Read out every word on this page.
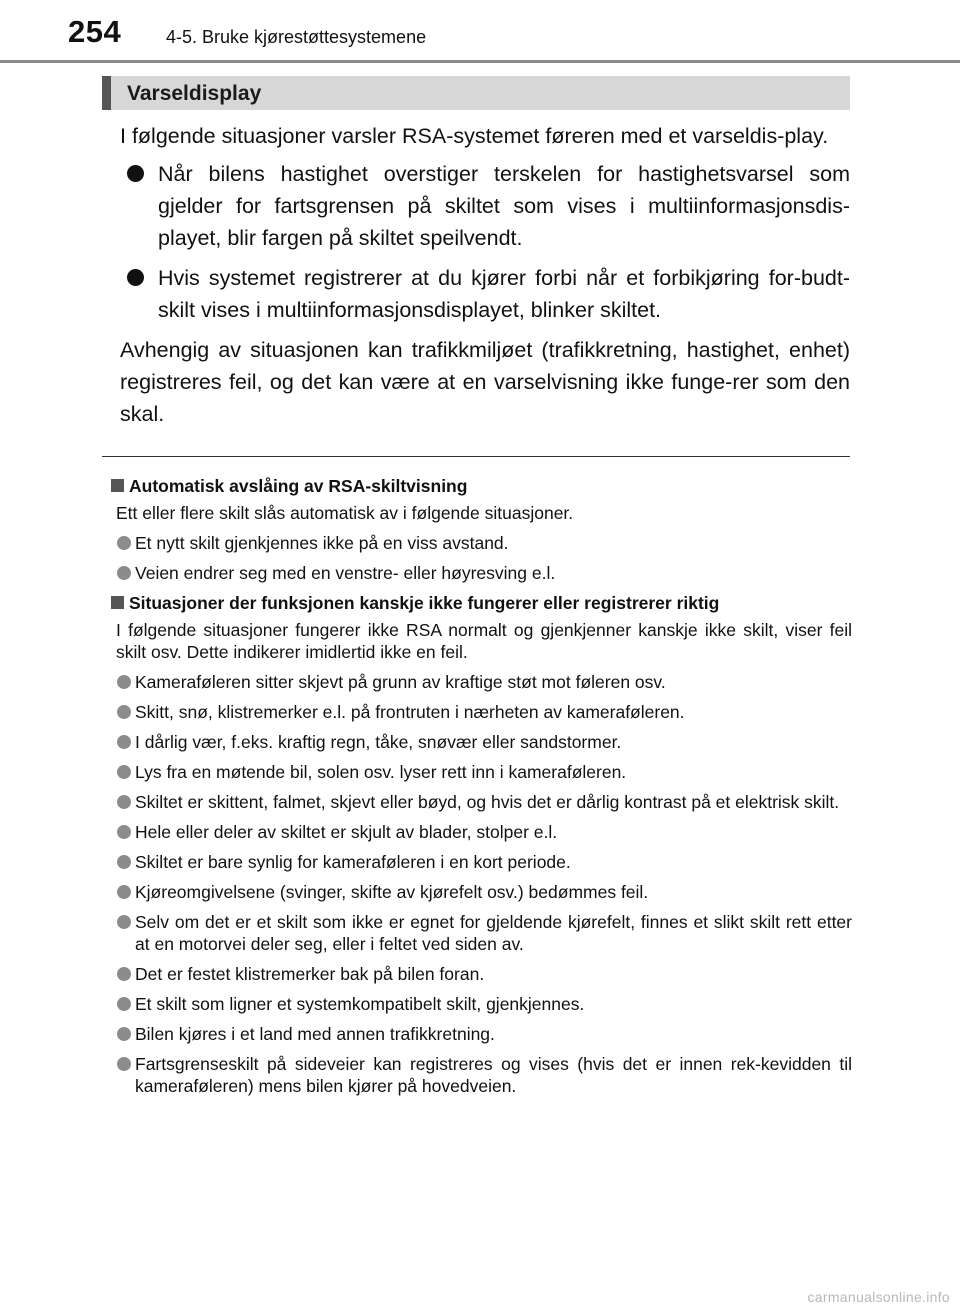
254 4-5. Bruke kjørestøttesystemene
Varseldisplay

I følgende situasjoner varsler RSA-systemet føreren med et varseldis-play.

Når bilens hastighet overstiger terskelen for hastighetsvarsel som gjelder for fartsgrensen på skiltet som vises i multiinformasjonsdis-playet, blir fargen på skiltet speilvendt.

Hvis systemet registrerer at du kjører forbi når et forbikjøring for-budt-skilt vises i multiinformasjonsdisplayet, blinker skiltet.

Avhengig av situasjonen kan trafikkmiljøet (trafikkretning, hastighet, enhet) registreres feil, og det kan være at en varselvisning ikke funge-rer som den skal.

Automatisk avslåing av RSA-skiltvisning

Ett eller flere skilt slås automatisk av i følgende situasjoner.

Et nytt skilt gjenkjennes ikke på en viss avstand.

Veien endrer seg med en venstre- eller høyresving e.l.

Situasjoner der funksjonen kanskje ikke fungerer eller registrerer riktig

I følgende situasjoner fungerer ikke RSA normalt og gjenkjenner kanskje ikke skilt, viser feil skilt osv. Dette indikerer imidlertid ikke en feil.

Kameraføleren sitter skjevt på grunn av kraftige støt mot føleren osv.

Skitt, snø, klistremerker e.l. på frontruten i nærheten av kameraføleren.

I dårlig vær, f.eks. kraftig regn, tåke, snøvær eller sandstormer.

Lys fra en møtende bil, solen osv. lyser rett inn i kameraføleren.

Skiltet er skittent, falmet, skjevt eller bøyd, og hvis det er dårlig kontrast på et elektrisk skilt.

Hele eller deler av skiltet er skjult av blader, stolper e.l.

Skiltet er bare synlig for kameraføleren i en kort periode.

Kjøreomgivelsene (svinger, skifte av kjørefelt osv.) bedømmes feil.

Selv om det er et skilt som ikke er egnet for gjeldende kjørefelt, finnes et slikt skilt rett etter at en motorvei deler seg, eller i feltet ved siden av.

Det er festet klistremerker bak på bilen foran.

Et skilt som ligner et systemkompatibelt skilt, gjenkjennes.

Bilen kjøres i et land med annen trafikkretning.

Fartsgrenseskilt på sideveier kan registreres og vises (hvis det er innen rek-kevidden til kameraføleren) mens bilen kjører på hovedveien.

carmanualsonline.info
